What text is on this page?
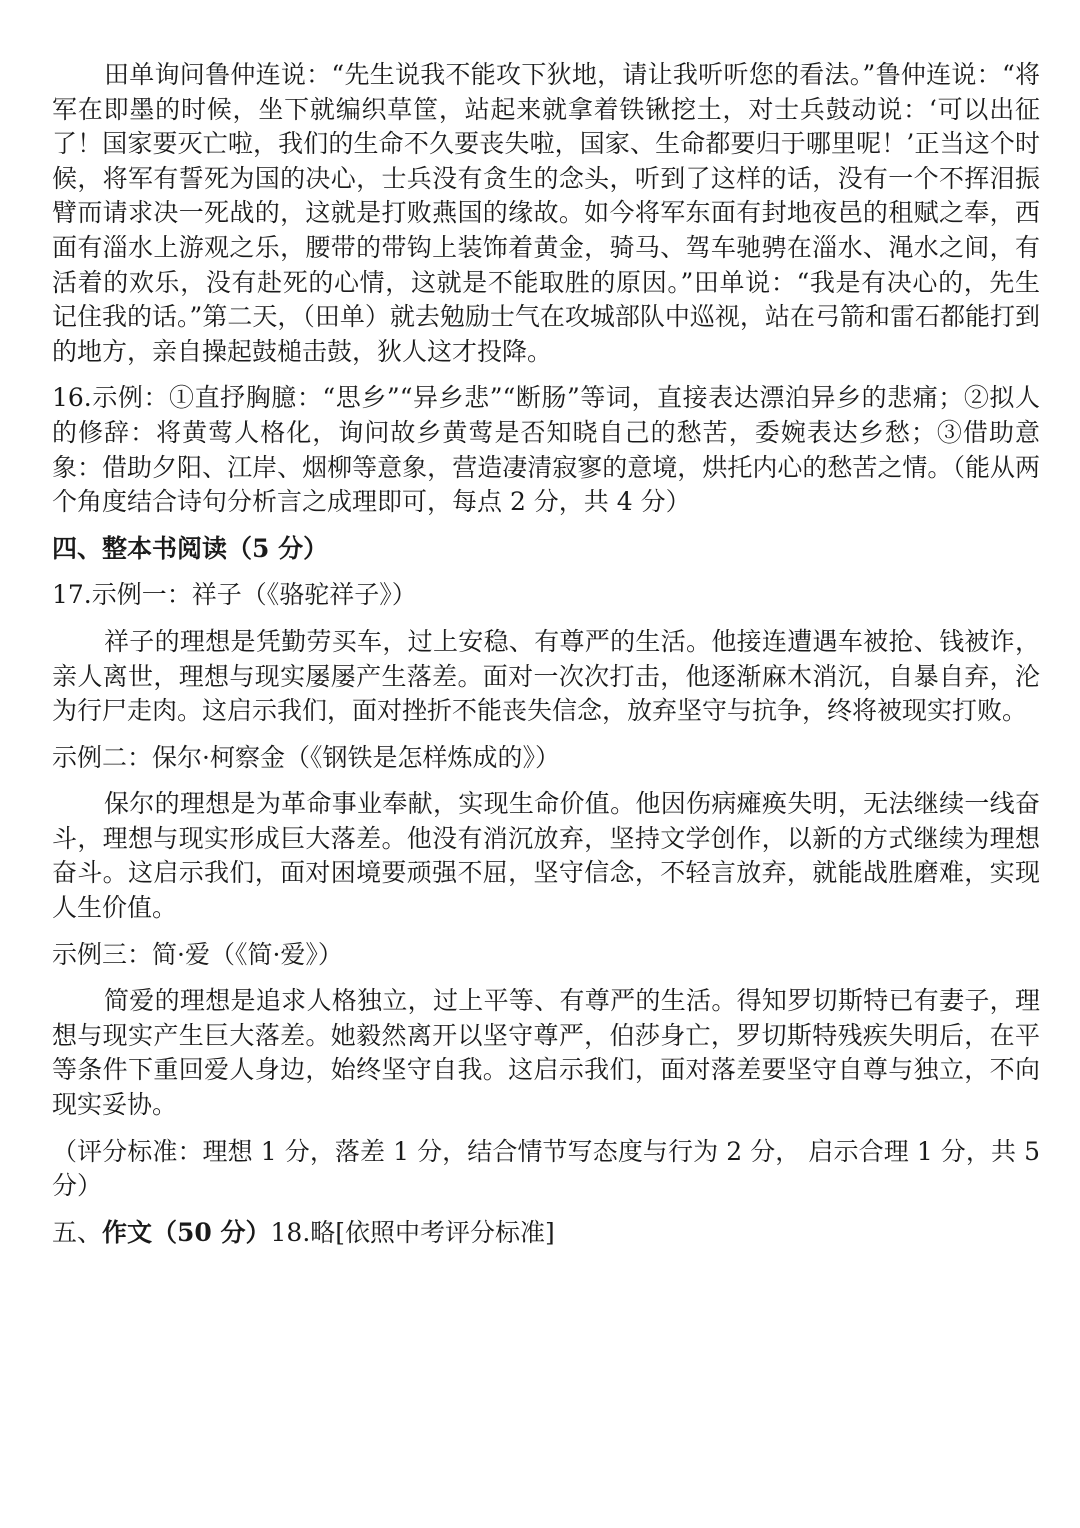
田单询问鲁仲连说：“先生说我不能攻下狄地，请让我听听您的看法。”鲁仲连说：“将军在即墨的时候，坐下就编织草筐，站起来就拿着铁锹挖土，对士兵鼓动说：‘可以出征了！国家要灭亡啦，我们的生命不久要丧失啦，国家、生命都要归于哪里呢！’正当这个时候，将军有誓死为国的决心，士兵没有贪生的念头，听到了这样的话，没有一个不挥泪振臂而请求决一死战的，这就是打败燕国的缘故。如今将军东面有封地夜邑的租赋之奉，西面有淄水上游观之乐，腰带的带钩上装饰着黄金，骑马、驾车驰骋在淄水、渑水之间，有活着的欢乐，没有赴死的心情，这就是不能取胜的原因。”田单说：“我是有决心的，先生记住我的话。”第二天，（田单）就去勉励士气在攻城部队中巡视，站在弓箭和雷石都能打到的地方，亲自操起鼓槌击鼓，狄人这才投降。

16.示例：①直抒胸臆：“思乡”“异乡悲”“断肠”等词，直接表达漂泊异乡的悲痛；②拟人的修辞：将黄莺人格化，询问故乡黄莺是否知晓自己的愁苦，委婉表达乡愁；③借助意象：借助夕阳、江岸、烟柳等意象，营造凄清寂寥的意境，烘托内心的愁苦之情。（能从两个角度结合诗句分析言之成理即可，每点 2 分，共 4 分）

四、整本书阅读（5 分）

17.示例一：祥子（《骆驼祥子》）

祥子的理想是凭勤劳买车，过上安稳、有尊严的生活。他接连遭遇车被抢、钱被诈，亲人离世，理想与现实屡屡产生落差。面对一次次打击，他逐渐麻木消沉，自暴自弃，沦为行尸走肉。这启示我们，面对挫折不能丧失信念，放弃坚守与抗争，终将被现实打败。

示例二：保尔·柯察金（《钢铁是怎样炼成的》）

保尔的理想是为革命事业奉献，实现生命价值。他因伤病瘫痪失明，无法继续一线奋斗，理想与现实形成巨大落差。他没有消沉放弃，坚持文学创作，以新的方式继续为理想奋斗。这启示我们，面对困境要顽强不屈，坚守信念，不轻言放弃，就能战胜磨难，实现人生价值。

示例三：简·爱（《简·爱》）

简爱的理想是追求人格独立，过上平等、有尊严的生活。得知罗切斯特已有妻子，理想与现实产生巨大落差。她毅然离开以坚守尊严，伯莎身亡，罗切斯特残疾失明后，在平等条件下重回爱人身边，始终坚守自我。这启示我们，面对落差要坚守自尊与独立，不向现实妥协。

（评分标准：理想 1 分，落差 1 分，结合情节写态度与行为 2 分， 启示合理 1 分，共 5 分）

五、作文（50 分）18.略[依照中考评分标准]
